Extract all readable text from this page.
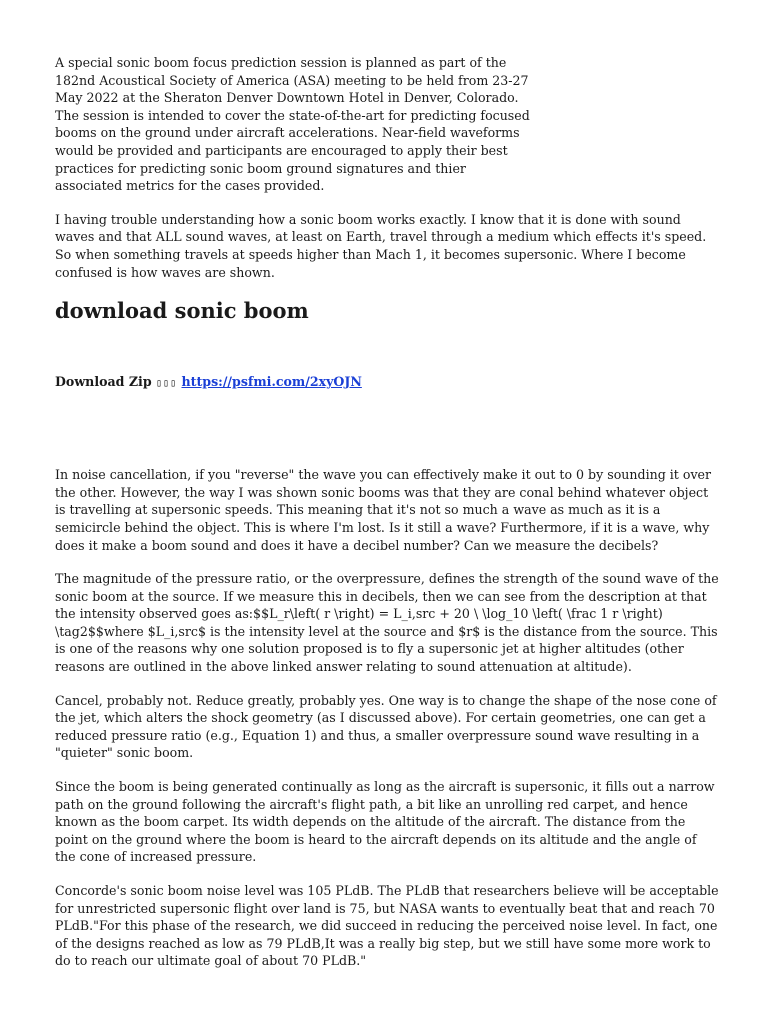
A special sonic boom focus prediction session is planned as part of the 182nd Acoustical Society of America (ASA) meeting to be held from 23-27 May 2022 at the Sheraton Denver Downtown Hotel in Denver, Colorado. The session is intended to cover the state-of-the-art for predicting focused booms on the ground under aircraft accelerations. Near-field waveforms would be provided and participants are encouraged to apply their best practices for predicting sonic boom ground signatures and thier associated metrics for the cases provided.

I having trouble understanding how a sonic boom works exactly. I know that it is done with sound waves and that ALL sound waves, at least on Earth, travel through a medium which effects it's speed. So when something travels at speeds higher than Mach 1, it becomes supersonic. Where I become confused is how waves are shown.

download sonic boom
Download Zip ▯▯▯ https://psfmi.com/2xyOJN

In noise cancellation, if you "reverse" the wave you can effectively make it out to 0 by sounding it over the other. However, the way I was shown sonic booms was that they are conal behind whatever object is travelling at supersonic speeds. This meaning that it's not so much a wave as much as it is a semicircle behind the object. This is where I'm lost. Is it still a wave? Furthermore, if it is a wave, why does it make a boom sound and does it have a decibel number? Can we measure the decibels?

The magnitude of the pressure ratio, or the overpressure, defines the strength of the sound wave of the sonic boom at the source. If we measure this in decibels, then we can see from the description at that the intensity observed goes as:$$L_r\left( r \right) = L_i,src + 20 \ \log_10 \left( \frac 1 r \right) \tag2$$where $L_i,src$ is the intensity level at the source and $r$ is the distance from the source. This is one of the reasons why one solution proposed is to fly a supersonic jet at higher altitudes (other reasons are outlined in the above linked answer relating to sound attenuation at altitude).

Cancel, probably not. Reduce greatly, probably yes. One way is to change the shape of the nose cone of the jet, which alters the shock geometry (as I discussed above). For certain geometries, one can get a reduced pressure ratio (e.g., Equation 1) and thus, a smaller overpressure sound wave resulting in a "quieter" sonic boom.

Since the boom is being generated continually as long as the aircraft is supersonic, it fills out a narrow path on the ground following the aircraft's flight path, a bit like an unrolling red carpet, and hence known as the boom carpet. Its width depends on the altitude of the aircraft. The distance from the point on the ground where the boom is heard to the aircraft depends on its altitude and the angle of the cone of increased pressure.

Concorde's sonic boom noise level was 105 PLdB. The PLdB that researchers believe will be acceptable for unrestricted supersonic flight over land is 75, but NASA wants to eventually beat that and reach 70 PLdB."For this phase of the research, we did succeed in reducing the perceived noise level. In fact, one of the designs reached as low as 79 PLdB,It was a really big step, but we still have some more work to do to reach our ultimate goal of about 70 PLdB."
